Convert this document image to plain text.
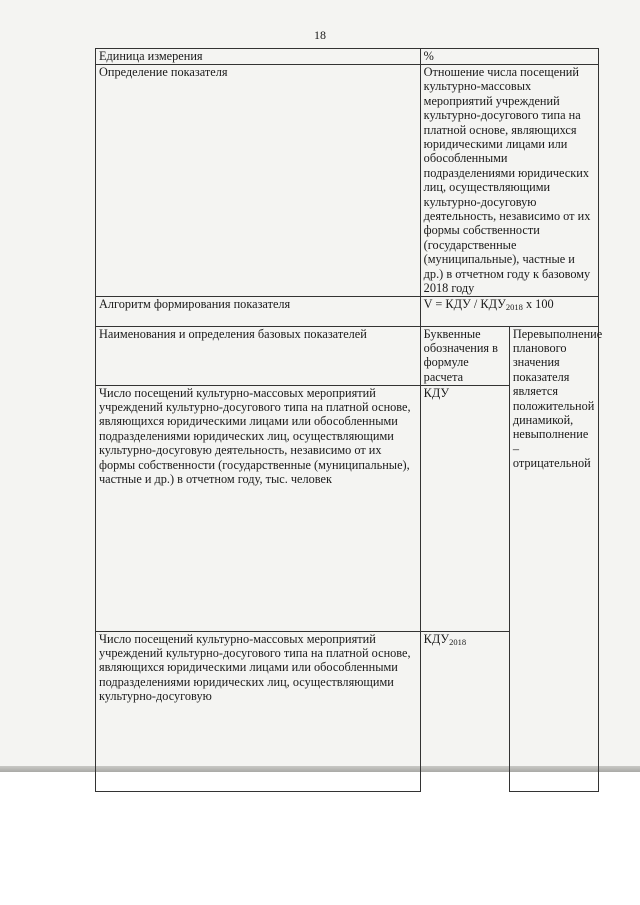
18
Единица измерения	%	
Определение показателя	Отношение числа посещений культурно-массовых мероприятий учреждений культурно-досугового типа на платной основе, являющихся юридическими лицами или обособленными подразделениями юридических лиц, осуществляющими культурно-досуговую деятельность, независимо от их формы собственности (государственные (муниципальные), частные и др.) в отчетном году к базовому 2018 году	
Алгоритм формирования показателя	V = КДУ / $КДУ_{2018}$ x 100	
Наименования и определения базовых показателей	Буквенные обозначения в формуле расчета	Перевыполнение планового значения показателя является положительной динамикой, невыполнение – отрицательной
Число посещений культурно-массовых мероприятий учреждений культурно-досугового типа на платной основе, являющихся юридическими лицами или обособленными подразделениями юридических лиц, осуществляющими культурно-досуговую деятельность, независимо от их формы собственности (государственные (муниципальные), частные и др.) в отчетном году, тыс. человек	КДУ	
Число посещений культурно-массовых мероприятий учреждений культурно-досугового типа на платной основе, являющихся юридическими лицами или обособленными подразделениями юридических лиц, осуществляющими культурно-досуговую	$КДУ_{2018}$
